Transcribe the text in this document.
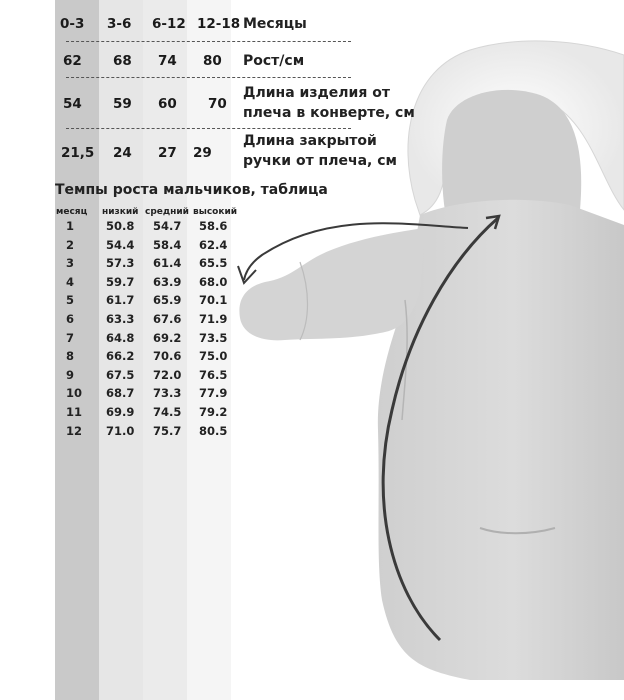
0-3 3-6 6-12 12-18 Месяцы
62 68 74 80 Рост/см
54 59 60 70
Длина изделия от
плеча в конверте, см
21,5 24 27 29
Длина закрытой
ручки от плеча, см
Темпы роста мальчиков, таблица
месяц низкий средний высокий
1	50.8 54.7 58.6
2	54.4 58.4 62.4
3	57.3 61.4 65.5
4	59.7 63.9 68.0
5	61.7 65.9 70.1
6	63.3 67.6 71.9
7	64.8 69.2 73.5
8	66.2 70.6 75.0
9	67.5 72.0 76.5
10 68.7 73.3 77.9
11 69.9 74.5 79.2
12 71.0 75.7 80.5
